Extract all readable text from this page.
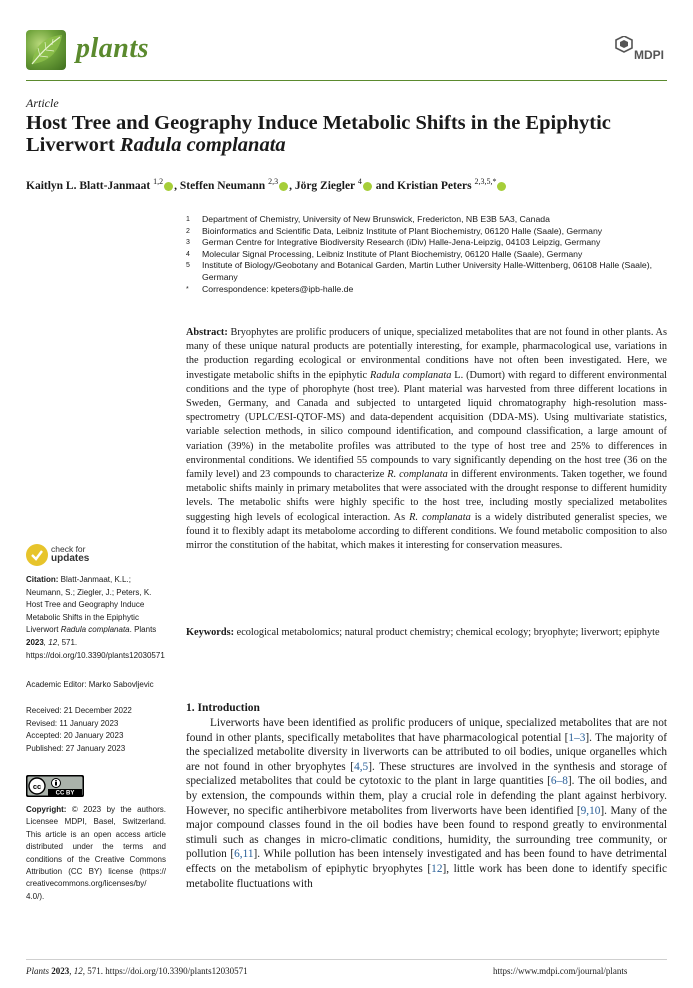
plants	MDPI
Article
Host Tree and Geography Induce Metabolic Shifts in the Epiphytic Liverwort Radula complanata
Kaitlyn L. Blatt-Janmaat $^{1,2}$ , Steffen Neumann $^{2,3}$ , Jörg Ziegler $^4$ and Kristian Peters $^{2,3,5,*}$
1	Department of Chemistry, University of New Brunswick, Fredericton, NB E3B 5A3, Canada
2	Bioinformatics and Scientific Data, Leibniz Institute of Plant Biochemistry, 06120 Halle (Saale), Germany
3	German Centre for Integrative Biodiversity Research (iDiv) Halle-Jena-Leipzig, 04103 Leipzig, Germany
4	Molecular Signal Processing, Leibniz Institute of Plant Biochemistry, 06120 Halle (Saale), Germany
5	Institute of Biology/Geobotany and Botanical Garden, Martin Luther University Halle-Wittenberg, 06108 Halle (Saale), Germany
*	Correspondence: kpeters@ipb-halle.de
Abstract: Bryophytes are prolific producers of unique, specialized metabolites that are not found in other plants. As many of these unique natural products are potentially interesting, for example, pharmacological use, variations in the production regarding ecological or environmental conditions have not often been investigated. Here, we investigate metabolic shifts in the epiphytic Radula complanata L. (Dumort) with regard to different environmental conditions and the type of phorophyte (host tree). Plant material was harvested from three different locations in Sweden, Germany, and Canada and subjected to untargeted liquid chromatography high-resolution mass-spectrometry (UPLC/ESI-QTOF-MS) and data-dependent acquisition (DDA-MS). Using multivariate statistics, variable selection methods, in silico compound identification, and compound classification, a large amount of variation (39%) in the metabolite profiles was attributed to the type of host tree and 25% to differences in environmental conditions. We identified 55 compounds to vary significantly depending on the host tree (36 on the family level) and 23 compounds to characterize R. complanata in different environments. Taken together, we found metabolic shifts mainly in primary metabolites that were associated with the drought response to different humidity levels. The metabolic shifts were highly specific to the host tree, including mostly specialized metabolites suggesting high levels of ecological interaction. As R. complanata is a widely distributed generalist species, we found it to flexibly adapt its metabolome according to different conditions. We found metabolic composition to also mirror the constitution of the habitat, which makes it interesting for conservation measures.
Keywords: ecological metabolomics; natural product chemistry; chemical ecology; bryophyte; liverwort; epiphyte
1. Introduction
Liverworts have been identified as prolific producers of unique, specialized metabolites that are not found in other plants, specifically metabolites that have pharmacological potential [1–3]. The majority of the specialized metabolite diversity in liverworts can be attributed to oil bodies, unique organelles which are not found in other bryophytes [4,5]. These structures are involved in the synthesis and storage of specialized metabolites that could be cytotoxic to the plant in large quantities [6–8]. The oil bodies, and by extension, the compounds within them, play a crucial role in defending the plant against herbivory. However, no specific antiherbivore metabolites from liverworts have been identified [9,10]. Many of the major compound classes found in the oil bodies have been found to respond greatly to environmental stimuli such as changes in micro-climatic conditions, humidity, the surrounding tree community, or pollution [6,11]. While pollution has been intensely investigated and has been found to have detrimental effects on the metabolism of epiphytic bryophytes [12], little work has been done to identify specific metabolite fluctuations with
check for
updates

Citation: Blatt-Janmaat, K.L.; Neumann, S.; Ziegler, J.; Peters, K. Host Tree and Geography Induce Metabolic Shifts in the Epiphytic Liverwort Radula complanata. Plants 2023, 12, 571. https://doi.org/10.3390/plants12030571

Academic Editor: Marko Sabovljevic
Received: 21 December 2022
Revised: 11 January 2023
Accepted: 20 January 2023
Published: 27 January 2023
cc
CC BY
Copyright: © 2023 by the authors. Licensee MDPI, Basel, Switzerland. This article is an open access article distributed under the terms and conditions of the Creative Commons Attribution (CC BY) license (https:// creativecommons.org/licenses/by/ 4.0/).
Plants 2023, 12, 571. https://doi.org/10.3390/plants12030571	https://www.mdpi.com/journal/plants
